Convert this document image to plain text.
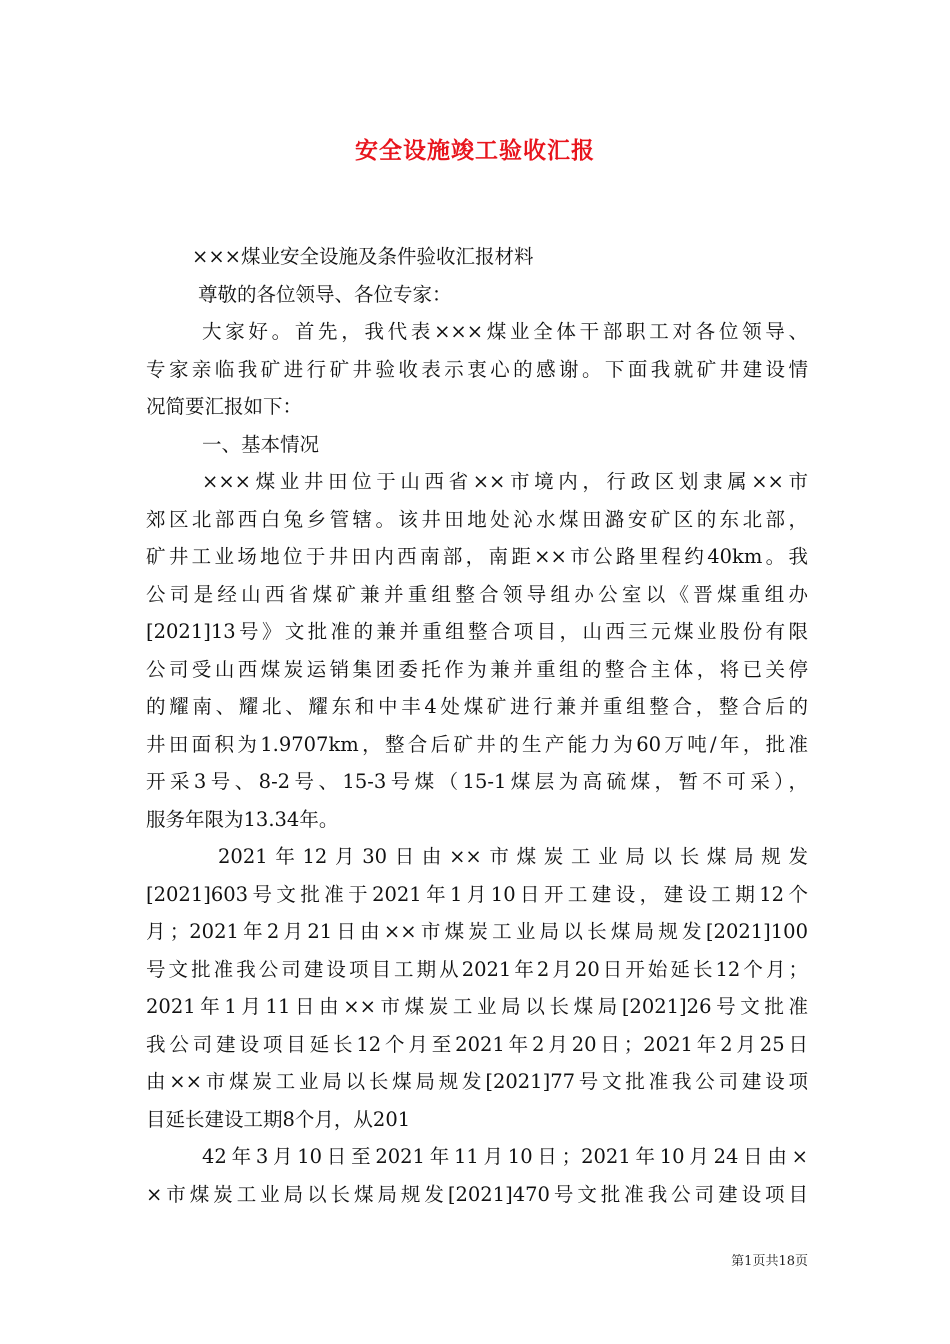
安全设施竣工验收汇报
×××煤业安全设施及条件验收汇报材料
尊敬的各位领导、各位专家：
大家好。首先，我代表×××煤业全体干部职工对各位领导、
专家亲临我矿进行矿井验收表示衷心的感谢。下面我就矿井建设情
况简要汇报如下：
一、基本情况
×××煤业井田位于山西省××市境内，行政区划隶属××市
郊区北部西白兔乡管辖。该井田地处沁水煤田潞安矿区的东北部，
矿井工业场地位于井田内西南部，南距××市公路里程约40km。我
公司是经山西省煤矿兼并重组整合领导组办公室以《晋煤重组办
[2021]13号》文批准的兼并重组整合项目，山西三元煤业股份有限
公司受山西煤炭运销集团委托作为兼并重组的整合主体，将已关停
的耀南、耀北、耀东和中丰4处煤矿进行兼并重组整合，整合后的
井田面积为1.9707km，整合后矿井的生产能力为60万吨/年，批准
开采3号、8-2号、15-3号煤（15-1煤层为高硫煤，暂不可采），
服务年限为13.34年。
2021年12月30日由××市煤炭工业局以长煤局规发
[2021]603号文批准于2021年1月10日开工建设，建设工期12个
月；2021年2月21日由××市煤炭工业局以长煤局规发[2021]100
号文批准我公司建设项目工期从2021年2月20日开始延长12个月；
2021年1月11日由××市煤炭工业局以长煤局[2021]26号文批准
我公司建设项目延长12个月至2021年2月20日；2021年2月25日
由××市煤炭工业局以长煤局规发[2021]77号文批准我公司建设项
目延长建设工期8个月，从201
42年3月10日至2021年11月10日；2021年10月24日由×
×市煤炭工业局以长煤局规发[2021]470号文批准我公司建设项目
第1页共18页
